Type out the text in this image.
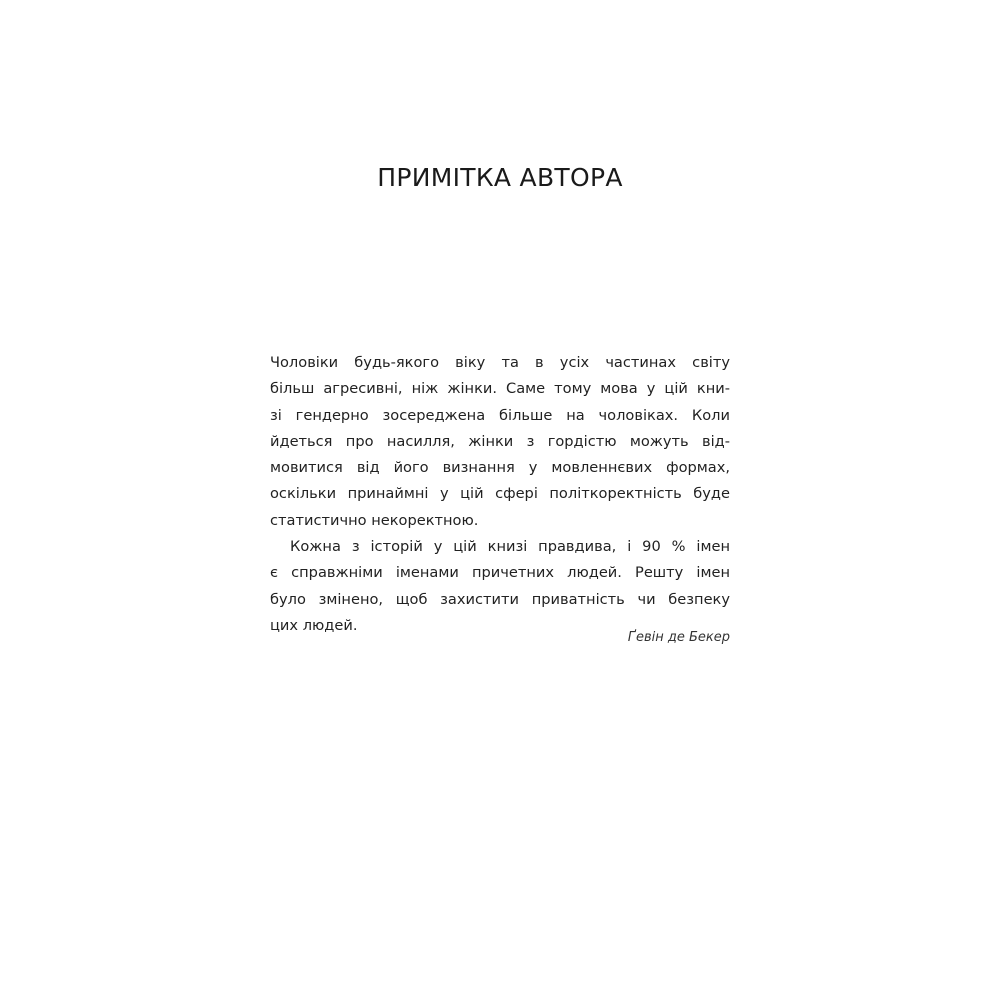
ПРИМІТКА АВТОРА
Чоловіки будь-якого віку та в усіх частинах світу
більш агресивні, ніж жінки. Саме тому мова у цій кни-
зі гендерно зосереджена більше на чоловіках. Коли
йдеться про насилля, жінки з гордістю можуть від-
мовитися від його визнання у мовленнєвих формах,
оскільки принаймні у цій сфері політкоректність буде
статистично некоректною.
Кожна з історій у цій книзі правдива, і 90 % імен
є справжніми іменами причетних людей. Решту імен
було змінено, щоб захистити приватність чи безпеку
цих людей.
Ґевін де Бекер
